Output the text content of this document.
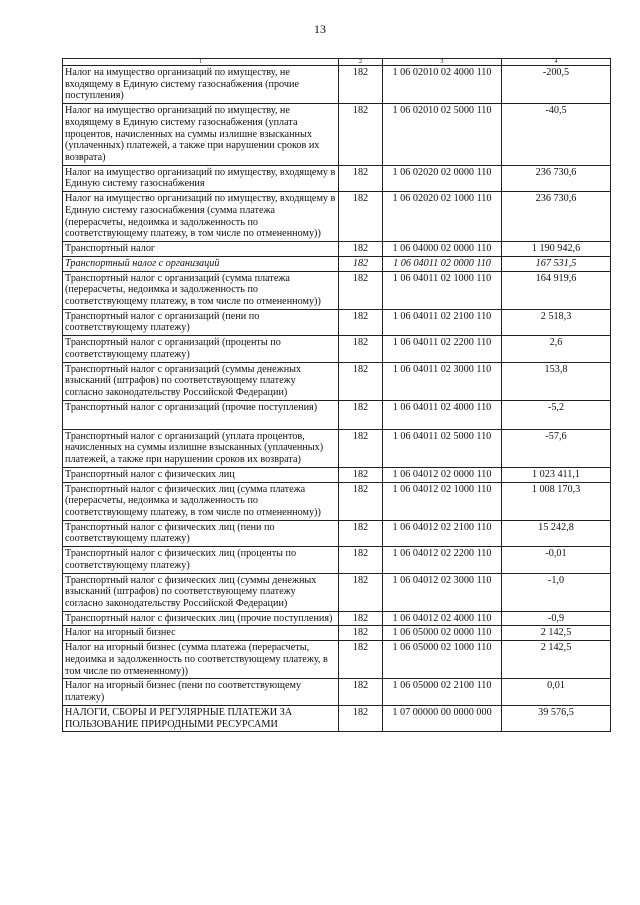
13
1	2	3	4
Налог на имущество организаций по имуществу, не входящему в Единую систему газоснабжения (прочие поступления)	182	1 06 02010 02 4000 110	-200,5
Налог на имущество организаций по имуществу, не входящему в Единую систему газоснабжения (уплата процентов, начисленных на суммы излишне взысканных (уплаченных) платежей, а также при нарушении сроков их возврата)	182	1 06 02010 02 5000 110	-40,5
Налог на имущество организаций по имуществу, входящему в Единую систему газоснабжения	182	1 06 02020 02 0000 110	236 730,6
Налог на имущество организаций по имуществу, входящему в Единую систему газоснабжения (сумма платежа (перерасчеты, недоимка и задолженность по соответствующему платежу, в том числе по отмененному))	182	1 06 02020 02 1000 110	236 730,6
Транспортный налог	182	1 06 04000 02 0000 110	1 190 942,6
Транспортный налог с организаций	182	1 06 04011 02 0000 110	167 531,5
Транспортный налог с организаций (сумма платежа (перерасчеты, недоимка и задолженность по соответствующему платежу, в том числе по отмененному))	182	1 06 04011 02 1000 110	164 919,6
Транспортный налог с организаций (пени по соответствующему платежу)	182	1 06 04011 02 2100 110	2 518,3
Транспортный налог с организаций (проценты по соответствующему платежу)	182	1 06 04011 02 2200 110	2,6
Транспортный налог с организаций (суммы денежных взысканий (штрафов) по соответствующему платежу согласно законодательству Российской Федерации)	182	1 06 04011 02 3000 110	153,8
Транспортный налог с организаций (прочие поступления)	182	1 06 04011 02 4000 110	-5,2
Транспортный налог с организаций (уплата процентов, начисленных на суммы излишне взысканных (уплаченных) платежей, а также при нарушении сроков их возврата)	182	1 06 04011 02 5000 110	-57,6
Транспортный налог с физических лиц	182	1 06 04012 02 0000 110	1 023 411,1
Транспортный налог с физических лиц (сумма платежа (перерасчеты, недоимка и задолженность по соответствующему платежу, в том числе по отмененному))	182	1 06 04012 02 1000 110	1 008 170,3
Транспортный налог с физических лиц (пени по соответствующему платежу)	182	1 06 04012 02 2100 110	15 242,8
Транспортный налог с физических лиц (проценты по соответствующему платежу)	182	1 06 04012 02 2200 110	-0,01
Транспортный налог с физических лиц (суммы денежных взысканий (штрафов) по соответствующему платежу согласно законодательству Российской Федерации)	182	1 06 04012 02 3000 110	-1,0
Транспортный налог с физических лиц (прочие поступления)	182	1 06 04012 02 4000 110	-0,9
Налог на игорный бизнес	182	1 06 05000 02 0000 110	2 142,5
Налог на игорный бизнес (сумма платежа (перерасчеты, недоимка и задолженность по соответствующему платежу, в том числе по отмененному))	182	1 06 05000 02 1000 110	2 142,5
Налог на игорный бизнес (пени по соответствующему платежу)	182	1 06 05000 02 2100 110	0,01
НАЛОГИ, СБОРЫ И РЕГУЛЯРНЫЕ ПЛАТЕЖИ ЗА ПОЛЬЗОВАНИЕ ПРИРОДНЫМИ РЕСУРСАМИ	182	1 07 00000 00 0000 000	39 576,5
